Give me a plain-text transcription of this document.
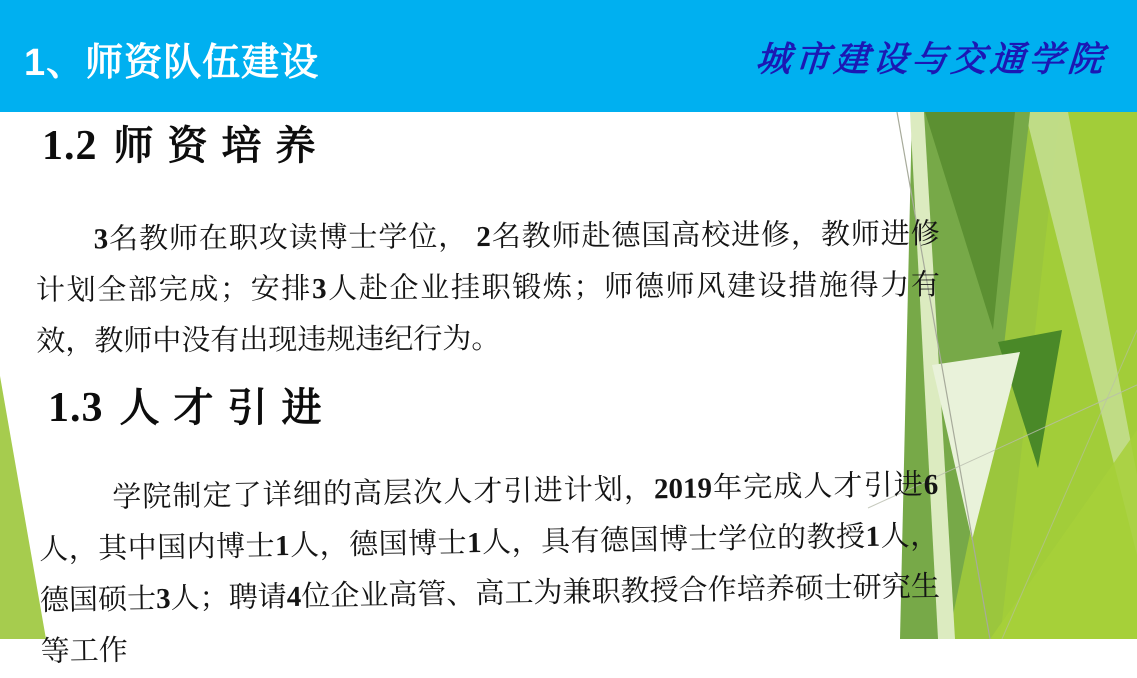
1、师资队伍建设	城市建设与交通学院
1.2 师资培养
3名教师在职攻读博士学位， 2名教师赴德国高校进修，教师进修计划全部完成；安排3人赴企业挂职锻炼；师德师风建设措施得力有效，教师中没有出现违规违纪行为。
1.3 人才引进
学院制定了详细的高层次人才引进计划，2019年完成人才引进6人，其中国内博士1人，德国博士1人，具有德国博士学位的教授1人，德国硕士3人；聘请4位企业高管、高工为兼职教授合作培养硕士研究生等工作
